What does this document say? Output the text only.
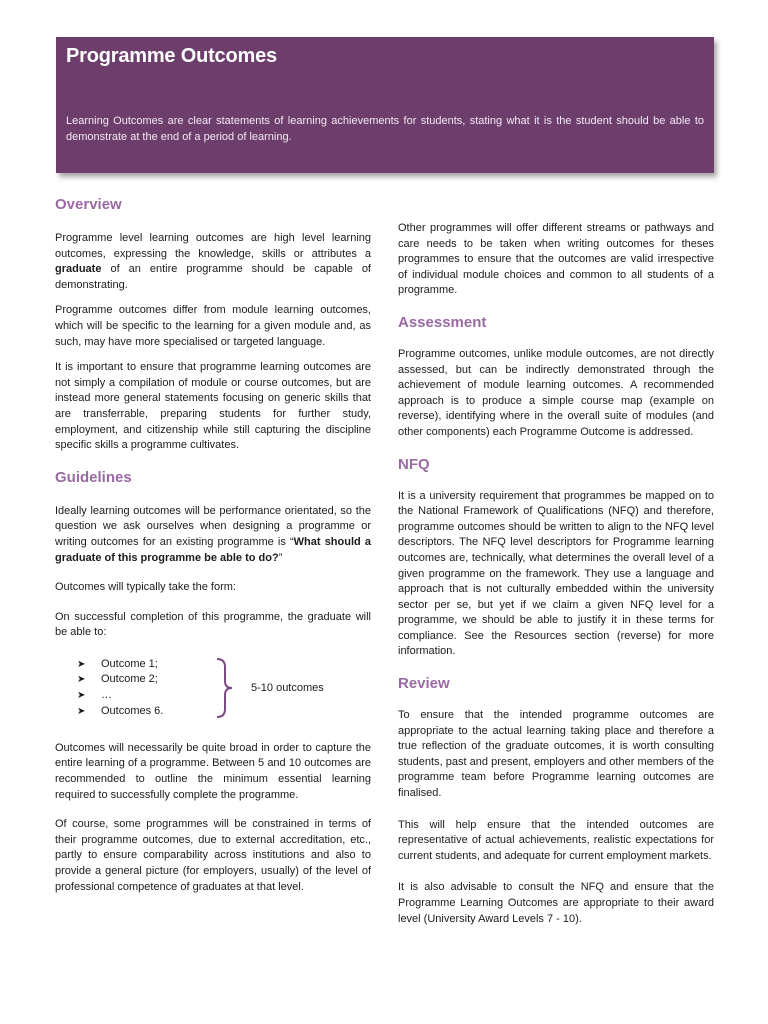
Programme Outcomes

Learning Outcomes are clear statements of learning achievements for students, stating what it is the student should be able to demonstrate at the end of a period of learning.

Overview

Programme level learning outcomes are high level learning outcomes, expressing the knowledge, skills or attributes a graduate of an entire programme should be capable of demonstrating.

Programme outcomes differ from module learning outcomes, which will be specific to the learning for a given module and, as such, may have more specialised or targeted language.

It is important to ensure that programme learning outcomes are not simply a compilation of module or course outcomes, but are instead more general statements focusing on generic skills that are transferrable, preparing students for further study, employment, and citizenship while still capturing the discipline specific skills a programme cultivates.

Guidelines

Ideally learning outcomes will be performance orientated, so the question we ask ourselves when designing a programme or writing outcomes for an existing programme is “What should a graduate of this programme be able to do?”

Outcomes will typically take the form:

On successful completion of this programme, the graduate will be able to:

➤ Outcome 1;
➤ Outcome 2;
➤ …
➤ Outcomes 6.
5-10 outcomes

Outcomes will necessarily be quite broad in order to capture the entire learning of a programme. Between 5 and 10 outcomes are recommended to outline the minimum essential learning required to successfully complete the programme.

Of course, some programmes will be constrained in terms of their programme outcomes, due to external accreditation, etc., partly to ensure comparability across institutions and also to provide a general picture (for employers, usually) of the level of professional competence of graduates at that level.

Other programmes will offer different streams or pathways and care needs to be taken when writing outcomes for theses programmes to ensure that the outcomes are valid irrespective of individual module choices and common to all students of a programme.

Assessment

Programme outcomes, unlike module outcomes, are not directly assessed, but can be indirectly demonstrated through the achievement of module learning outcomes. A recommended approach is to produce a simple course map (example on reverse), identifying where in the overall suite of modules (and other components) each Programme Outcome is addressed.

NFQ

It is a university requirement that programmes be mapped on to the National Framework of Qualifications (NFQ) and therefore, programme outcomes should be written to align to the NFQ level descriptors. The NFQ level descriptors for Programme learning outcomes are, technically, what determines the overall level of a given programme on the framework. They use a language and approach that is not culturally embedded within the university sector per se, but yet if we claim a given NFQ level for a programme, we should be able to justify it in these terms for compliance. See the Resources section (reverse) for more information.

Review

To ensure that the intended programme outcomes are appropriate to the actual learning taking place and therefore a true reflection of the graduate outcomes, it is worth consulting students, past and present, employers and other members of the programme team before Programme learning outcomes are finalised.

This will help ensure that the intended outcomes are representative of actual achievements, realistic expectations for current students, and adequate for current employment markets.

It is also advisable to consult the NFQ and ensure that the Programme Learning Outcomes are appropriate to their award level (University Award Levels 7 - 10).
